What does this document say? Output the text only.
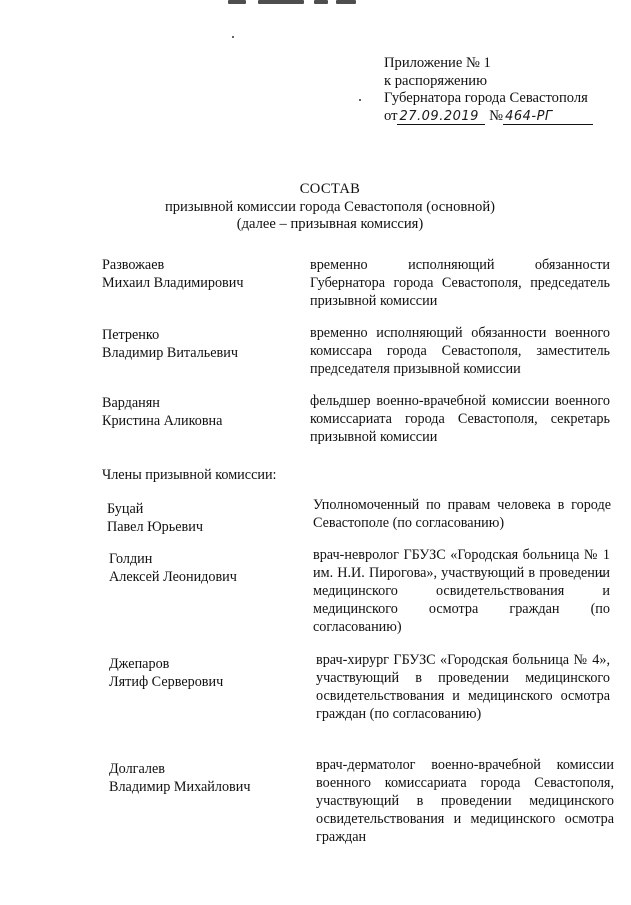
Приложение № 1
к распоряжению
Губернатора города Севастополя
от 27.09.2019 № 464-РГ
СОСТАВ
призывной комиссии города Севастополя (основной)
(далее – призывная комиссия)
Развожаев
Михаил Владимирович
временно исполняющий обязанности Губернатора города Севастополя, председатель призывной комиссии
Петренко
Владимир Витальевич
временно исполняющий обязанности военного комиссара города Севастополя, заместитель председателя призывной комиссии
Варданян
Кристина Аликовна
фельдшер военно-врачебной комиссии военного комиссариата города Севастополя, секретарь призывной комиссии
Члены призывной комиссии:
Буцай
Павел Юрьевич
Уполномоченный по правам человека в городе Севастополе (по согласованию)
Голдин
Алексей Леонидович
врач-невролог ГБУЗС «Городская больница № 1 им. Н.И. Пирогова», участвующий в проведении медицинского освидетельствования и медицинского осмотра граждан (по согласованию)
Джепаров
Лятиф Серверович
врач-хирург ГБУЗС «Городская больница № 4», участвующий в проведении медицинского освидетельствования и медицинского осмотра граждан (по согласованию)
Долгалев
Владимир Михайлович
врач-дерматолог военно-врачебной комиссии военного комиссариата города Севастополя, участвующий в проведении медицинского освидетельствования и медицинского осмотра граждан
